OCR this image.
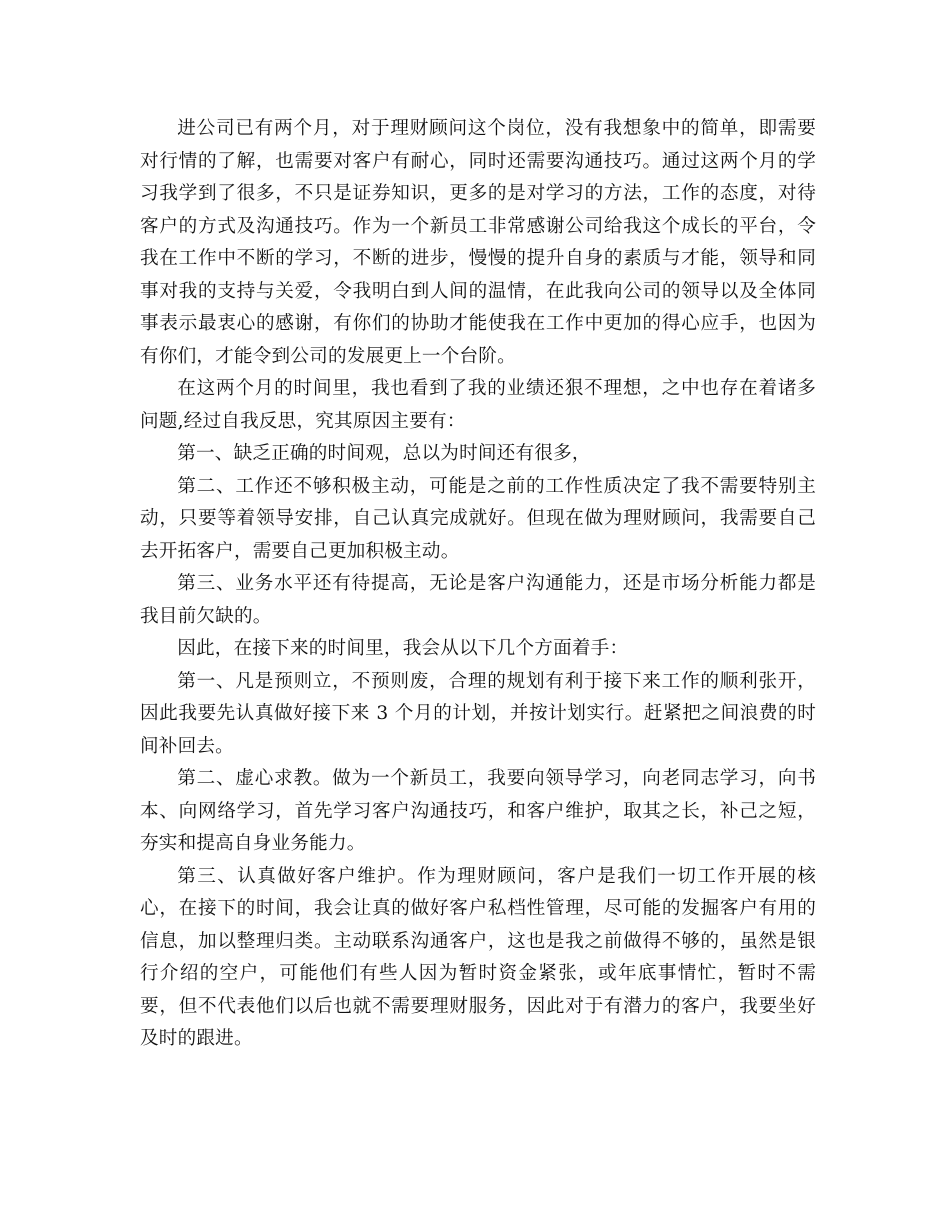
进公司已有两个月，对于理财顾问这个岗位，没有我想象中的简单，即需要对行情的了解，也需要对客户有耐心，同时还需要沟通技巧。通过这两个月的学习我学到了很多，不只是证券知识，更多的是对学习的方法，工作的态度，对待客户的方式及沟通技巧。作为一个新员工非常感谢公司给我这个成长的平台，令我在工作中不断的学习，不断的进步，慢慢的提升自身的素质与才能，领导和同事对我的支持与关爱，令我明白到人间的温情，在此我向公司的领导以及全体同事表示最衷心的感谢，有你们的协助才能使我在工作中更加的得心应手，也因为有你们，才能令到公司的发展更上一个台阶。

在这两个月的时间里，我也看到了我的业绩还狠不理想，之中也存在着诸多问题,经过自我反思，究其原因主要有：

第一、缺乏正确的时间观，总以为时间还有很多，

第二、工作还不够积极主动，可能是之前的工作性质决定了我不需要特别主动，只要等着领导安排，自己认真完成就好。但现在做为理财顾问，我需要自己去开拓客户，需要自己更加积极主动。

第三、业务水平还有待提高，无论是客户沟通能力，还是市场分析能力都是我目前欠缺的。

因此，在接下来的时间里，我会从以下几个方面着手：

第一、凡是预则立，不预则废，合理的规划有利于接下来工作的顺利张开，因此我要先认真做好接下来 3 个月的计划，并按计划实行。赶紧把之间浪费的时间补回去。

第二、虚心求教。做为一个新员工，我要向领导学习，向老同志学习，向书本、向网络学习，首先学习客户沟通技巧，和客户维护，取其之长，补己之短，夯实和提高自身业务能力。

第三、认真做好客户维护。作为理财顾问，客户是我们一切工作开展的核心，在接下的时间，我会让真的做好客户私档性管理，尽可能的发掘客户有用的信息，加以整理归类。主动联系沟通客户，这也是我之前做得不够的，虽然是银行介绍的空户，可能他们有些人因为暂时资金紧张，或年底事情忙，暂时不需要，但不代表他们以后也就不需要理财服务，因此对于有潜力的客户，我要坐好及时的跟进。
